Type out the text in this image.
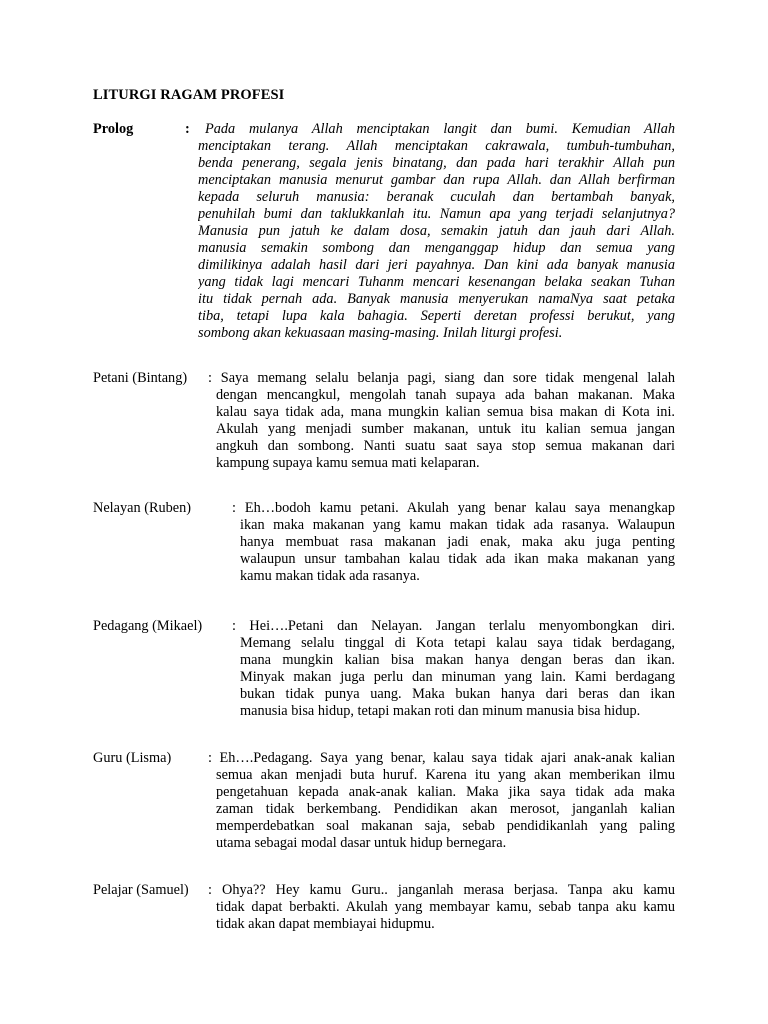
LITURGI RAGAM PROFESI
Prolog	:	Pada mulanya Allah menciptakan langit dan bumi. Kemudian Allah
menciptakan terang. Allah menciptakan cakrawala, tumbuh-tumbuhan,
benda penerang, segala jenis binatang, dan pada hari terakhir Allah pun
menciptakan manusia menurut gambar dan rupa Allah. dan Allah berfirman
kepada seluruh manusia: beranak cuculah dan bertambah banyak,
penuhilah bumi dan taklukkanlah itu. Namun apa yang terjadi selanjutnya?
Manusia pun jatuh ke dalam dosa, semakin jatuh dan jauh dari Allah.
manusia semakin sombong dan menganggap hidup dan semua yang
dimilikinya adalah hasil dari jeri payahnya. Dan kini ada banyak manusia
yang tidak lagi mencari Tuhanm mencari kesenangan belaka seakan Tuhan
itu tidak pernah ada. Banyak manusia menyerukan namaNya saat petaka
tiba, tetapi lupa kala bahagia. Seperti deretan professi berukut, yang
sombong akan kekuasaan masing-masing. Inilah liturgi profesi.
Petani (Bintang) : Saya memang selalu belanja pagi, siang dan sore tidak mengenal lalah
dengan mencangkul, mengolah tanah supaya ada bahan makanan. Maka
kalau saya tidak ada, mana mungkin kalian semua bisa makan di Kota ini.
Akulah yang menjadi sumber makanan, untuk itu kalian semua jangan
angkuh dan sombong. Nanti suatu saat saya stop semua makanan dari
kampung supaya kamu semua mati kelaparan.
Nelayan (Ruben)	: Eh…bodoh kamu petani. Akulah yang benar kalau saya menangkap
ikan maka makanan yang kamu makan tidak ada rasanya. Walaupun
hanya membuat rasa makanan jadi enak, maka aku juga penting
walaupun unsur tambahan kalau tidak ada ikan maka makanan yang
kamu makan tidak ada rasanya.
Pedagang (Mikael) : Hei….Petani dan Nelayan. Jangan terlalu menyombongkan diri.
Memang selalu tinggal di Kota tetapi kalau saya tidak berdagang,
mana mungkin kalian bisa makan hanya dengan beras dan ikan.
Minyak makan juga perlu dan minuman yang lain. Kami berdagang
bukan tidak punya uang. Maka bukan hanya dari beras dan ikan
manusia bisa hidup, tetapi makan roti dan minum manusia bisa hidup.
Guru (Lisma)	: Eh….Pedagang. Saya yang benar, kalau saya tidak ajari anak-anak kalian
semua akan menjadi buta huruf. Karena itu yang akan memberikan ilmu
pengetahuan kepada anak-anak kalian. Maka jika saya tidak ada maka
zaman tidak berkembang. Pendidikan akan merosot, janganlah kalian
memperdebatkan soal makanan saja, sebab pendidikanlah yang paling
utama sebagai modal dasar untuk hidup bernegara.
Pelajar (Samuel) : Ohya?? Hey kamu Guru.. janganlah merasa berjasa. Tanpa aku kamu
tidak dapat berbakti. Akulah yang membayar kamu, sebab tanpa aku kamu
tidak akan dapat membiayai hidupmu.
